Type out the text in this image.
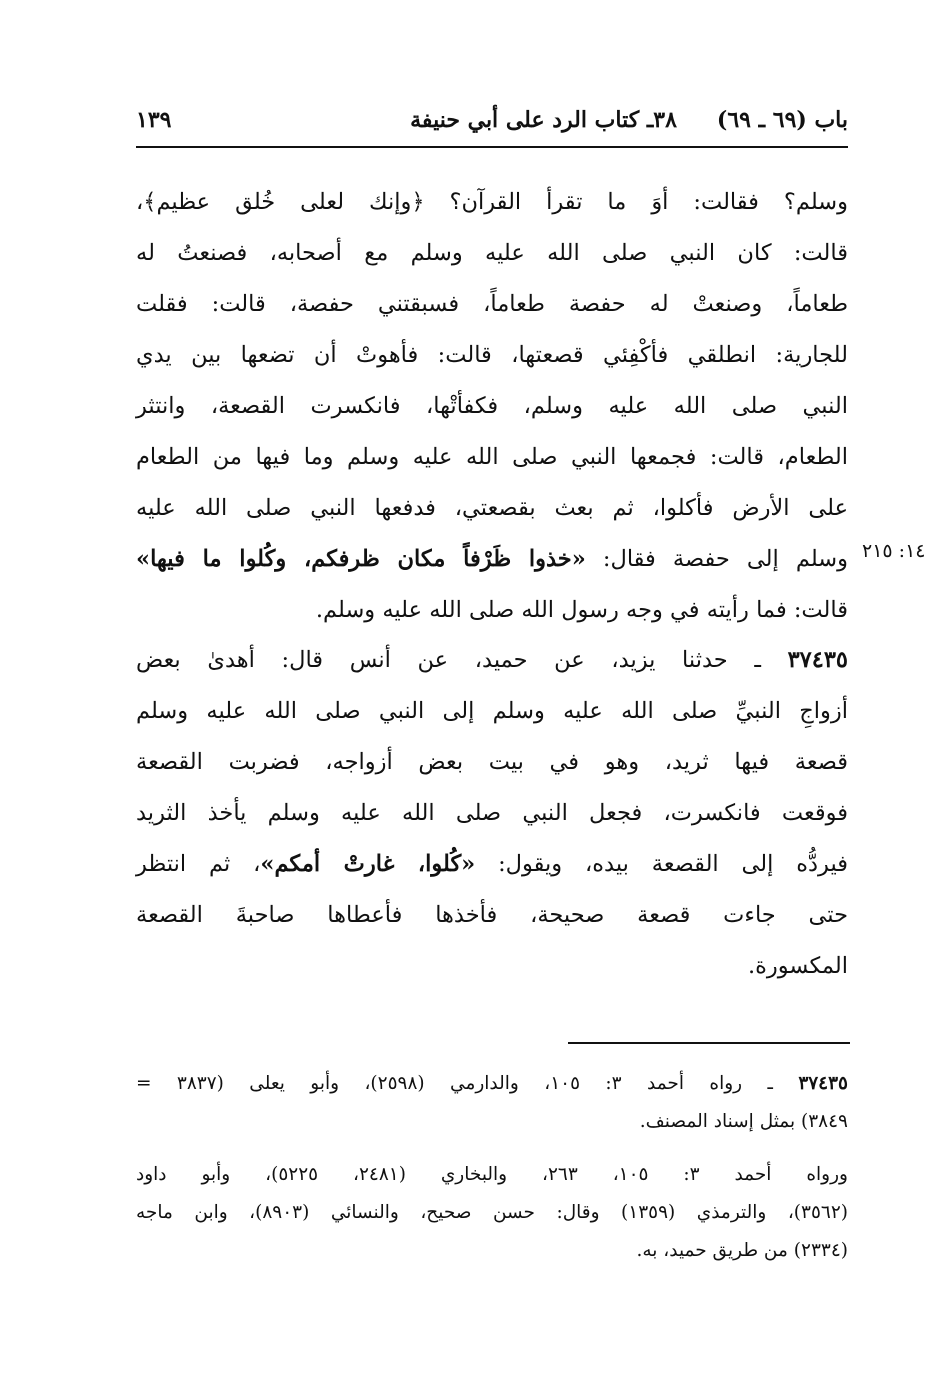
باب (٦٩ ـ ٦٩)
٣٨ـ كتاب الرد على أبي حنيفة
١٣٩
وسلم؟ فقالت: أوَ ما تقرأ القرآن؟ ﴿وإنك لعلى خُلق عظيم﴾،
قالت: كان النبي صلى الله عليه وسلم مع أصحابه، فصنعتُ له
طعاماً، وصنعتْ له حفصة طعاماً، فسبقتني حفصة، قالت: فقلت
للجارية: انطلقي فأكْفِئي قصعتها، قالت: فأهوتْ أن تضعها بين يدي
النبي صلى الله عليه وسلم، فكفأتْها، فانكسرت القصعة، وانتثر
الطعام، قالت: فجمعها النبي صلى الله عليه وسلم وما فيها من الطعام
على الأرض فأكلوا، ثم بعث بقصعتي، فدفعها النبي صلى الله عليه
وسلم إلى حفصة فقال: «خذوا ظَرْفاً مكان ظرفكم، وكُلوا ما فيها»
قالت: فما رأيته في وجه رسول الله صلى الله عليه وسلم.
١٤: ٢١٥
٣٧٤٣٥ ـ حدثنا يزيد، عن حميد، عن أنس قال: أهدىٰ بعض
أزواجِ النبيِّ صلى الله عليه وسلم إلى النبي صلى الله عليه وسلم
قصعة فيها ثريد، وهو في بيت بعض أزواجه، فضربت القصعة
فوقعت فانكسرت، فجعل النبي صلى الله عليه وسلم يأخذ الثريد
فيردُّه إلى القصعة بيده، ويقول: «كُلوا، غارتْ أمكم»، ثم انتظر
حتى جاءت قصعة صحيحة، فأخذها فأعطاها صاحبةَ القصعة
المكسورة.
٣٧٤٣٥ ـ رواه أحمد ٣: ١٠٥، والدارمي (٢٥٩٨)، وأبو يعلى (٣٨٣٧ =
٣٨٤٩) بمثل إسناد المصنف.
ورواه أحمد ٣: ١٠٥، ٢٦٣، والبخاري (٢٤٨١، ٥٢٢٥)، وأبو داود
(٣٥٦٢)، والترمذي (١٣٥٩) وقال: حسن صحيح، والنسائي (٨٩٠٣)، وابن ماجه
(٢٣٣٤) من طريق حميد، به.
